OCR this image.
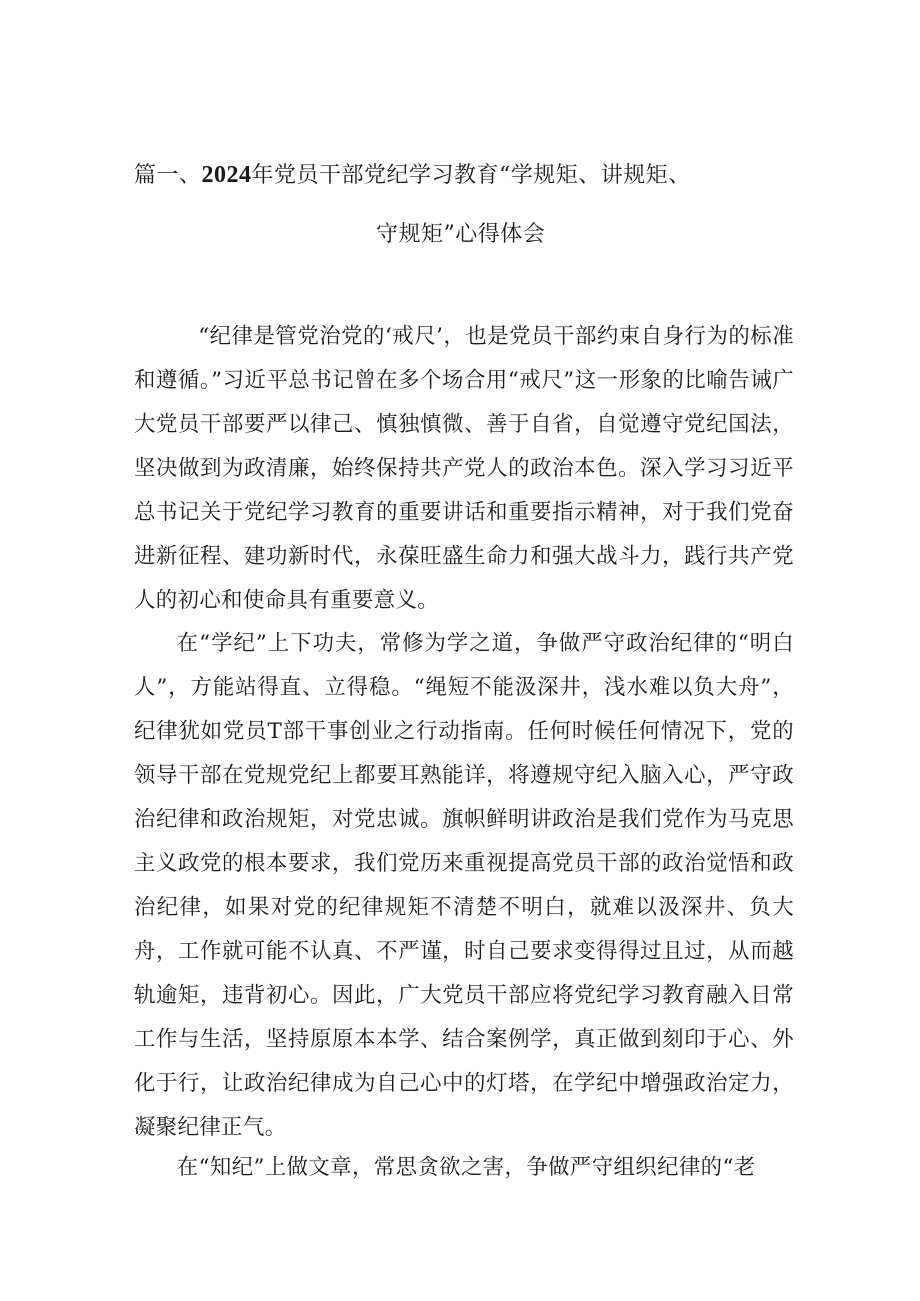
篇一、2024年党员干部党纪学习教育“学规矩、讲规矩、
守规矩”心得体会

“纪律是管党治党的‘戒尺’，也是党员干部约束自身行为的标准和遵循。”习近平总书记曾在多个场合用“戒尺”这一形象的比喻告诫广大党员干部要严以律己、慎独慎微、善于自省，自觉遵守党纪国法，坚决做到为政清廉，始终保持共产党人的政治本色。深入学习习近平总书记关于党纪学习教育的重要讲话和重要指示精神，对于我们党奋进新征程、建功新时代，永葆旺盛生命力和强大战斗力，践行共产党人的初心和使命具有重要意义。

在“学纪”上下功夫，常修为学之道，争做严守政治纪律的“明白人”，方能站得直、立得稳。“绳短不能汲深井，浅水难以负大舟”，纪律犹如党员T部干事创业之行动指南。任何时候任何情况下，党的领导干部在党规党纪上都要耳熟能详，将遵规守纪入脑入心，严守政治纪律和政治规矩，对党忠诚。旗帜鲜明讲政治是我们党作为马克思主义政党的根本要求，我们党历来重视提高党员干部的政治觉悟和政治纪律，如果对党的纪律规矩不清楚不明白，就难以汲深井、负大舟，工作就可能不认真、不严谨，时自己要求变得得过且过，从而越轨逾矩，违背初心。因此，广大党员干部应将党纪学习教育融入日常工作与生活，坚持原原本本学、结合案例学，真正做到刻印于心、外化于行，让政治纪律成为自己心中的灯塔，在学纪中增强政治定力，凝聚纪律正气。

在“知纪”上做文章，常思贪欲之害，争做严守组织纪律的“老
